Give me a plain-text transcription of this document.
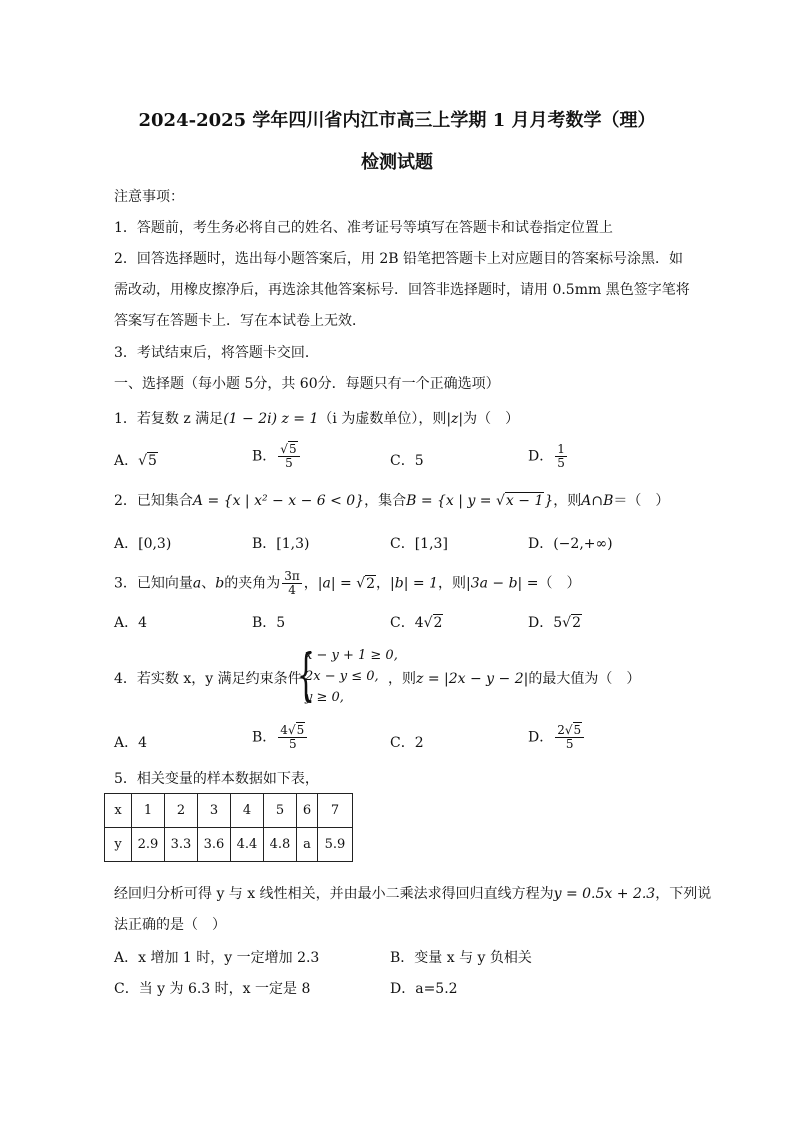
2024-2025 学年四川省内江市高三上学期 1 月月考数学（理）
检测试题
注意事项：
1．答题前，考生务必将自己的姓名、准考证号等填写在答题卡和试卷指定位置上
2．回答选择题时，选出每小题答案后，用 2B 铅笔把答题卡上对应题目的答案标号涂黑．如
需改动，用橡皮擦净后，再选涂其他答案标号．回答非选择题时，请用 0.5mm 黑色签字笔将
答案写在答题卡上．写在本试卷上无效．
3．考试结束后，将答题卡交回．
一、选择题（每小题 5分，共 60分．每题只有一个正确选项）
1．若复数 z 满足(1 − 2i) z = 1（i 为虚数单位），则|z|为（　）
A．√5	B． $\frac{√5}{5}$	C．5	D． $\frac{1}{5}$
2．已知集合A = {x | x² − x − 6 < 0}，集合B = {x | y = √x − 1}，则A∩B＝（　）
A．[0,3)	B．[1,3)	C．[1,3]	D．(−2,+∞)
3．已知向量a、b的夹角为 $\frac{3\pi}{4}$ ，|a| = √2，|b| = 1，则|3a − b| =（　）
A．4	B．5	C．4√2	D．5√2
4．若实数 x，y 满足约束条件
{
x − y + 1 ≥ 0,
2x − y ≤ 0,
y ≥ 0,
，则z = |2x − y − 2|的最大值为（　）
A．4	B． $\frac{4√5}{5}$	C．2	D． $\frac{2√5}{5}$
5．相关变量的样本数据如下表，
x	1	2	3	4	5	6	7
y	2.9	3.3	3.6	4.4	4.8	a	5.9
经回归分析可得 y 与 x 线性相关，并由最小二乘法求得回归直线方程为y = 0.5x + 2.3，下列说
法正确的是（　）
A．x 增加 1 时，y 一定增加 2.3	B．变量 x 与 y 负相关
C．当 y 为 6.3 时，x 一定是 8	D．a=5.2
